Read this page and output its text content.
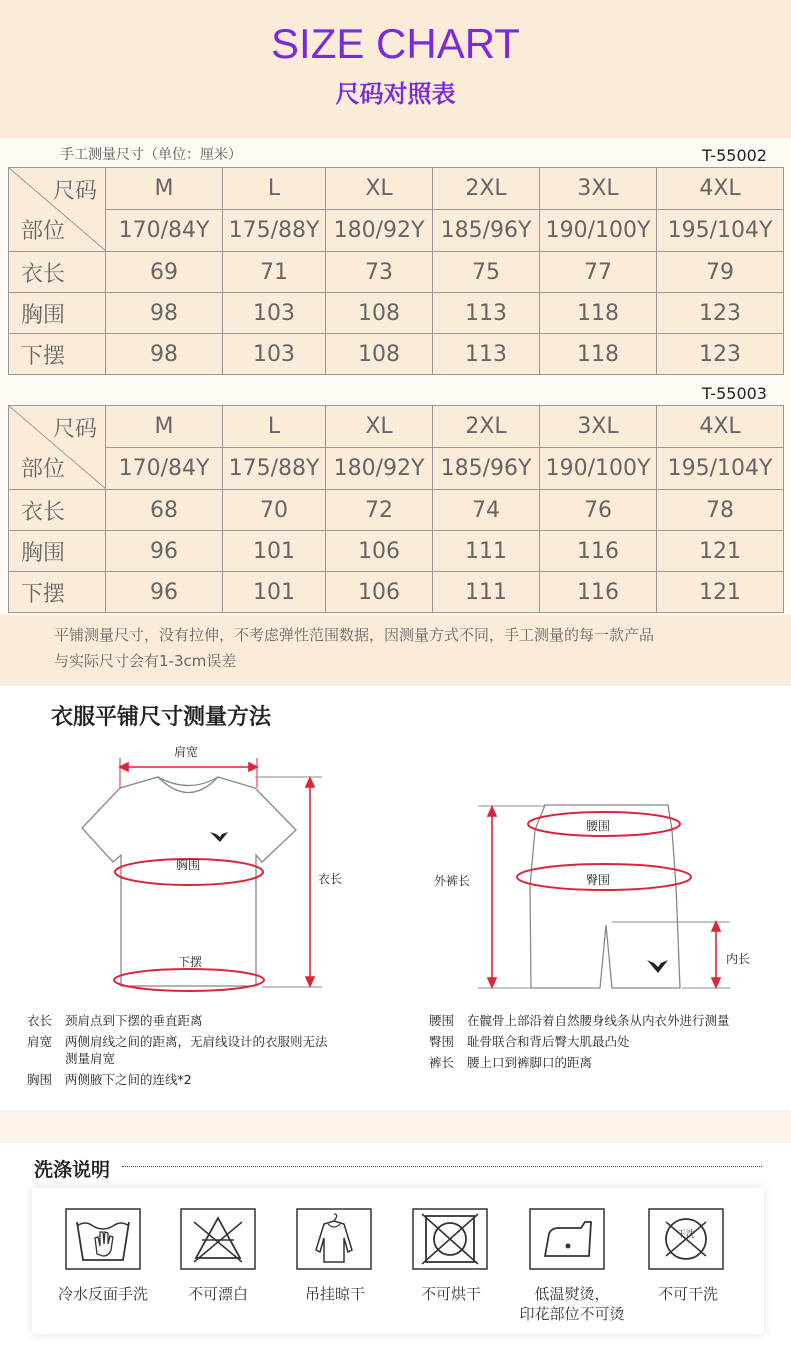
SIZE CHART
尺码对照表
手工测量尺寸（单位：厘米）	T-55002
T-55003
尺码
部位	M	L	XL	2XL	3XL	4XL
	170/84Y	175/88Y	180/92Y	185/96Y	190/100Y	195/104Y
衣长	69	71	73	75	77	79
胸围	98	103	108	113	118	123
下摆	98	103	108	113	118	123
尺码
部位	M	L	XL	2XL	3XL	4XL
	170/84Y	175/88Y	180/92Y	185/96Y	190/100Y	195/104Y
衣长	68	70	72	74	76	78
胸围	96	101	106	111	116	121
下摆	96	101	106	111	116	121
平铺测量尺寸，没有拉伸，不考虑弹性范围数据，因测量方式不同，手工测量的每一款产品
与实际尺寸会有1-3cm误差
衣服平铺尺寸测量方法
肩宽
胸围
衣长
下摆
腰围
臀围
外裤长
内长
衣长 颈肩点到下摆的垂直距离
肩宽 两侧肩线之间的距离，无肩线设计的衣服则无法
测量肩宽
胸围 两侧腋下之间的连线*2
腰围 在髋骨上部沿着自然腰身线条从内衣外进行测量
臀围 耻骨联合和背后臀大肌最凸处
裤长 腰上口到裤脚口的距离
洗涤说明
干洗
冷水反面手洗	不可漂白	吊挂晾干	不可烘干	低温熨烫，
印花部位不可烫
不可干洗
